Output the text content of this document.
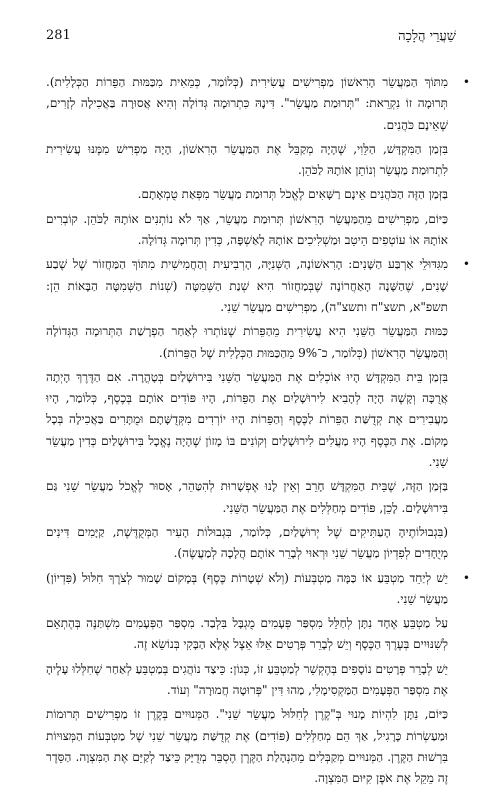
281	שַׁעֲרֵי הֲלָכָה

•
מִתּוֹךְ הַמַּעֲשֵׂר הָרִאשׁוֹן מַפְרִישִׁים עֲשִׂירִית (כְּלוֹמַר, כְּמֵאִית מִכַּמּוּת הַפֵּרוֹת הַכְּלָלִית). תְּרוּמָה זוֹ נִקְרֵאת: "תְּרוּמַת מַעֲשֵׂר". דִּינָהּ כִּתְרוּמָה גְּדוֹלָה וְהִיא אֲסוּרָה בַּאֲכִילָה לְזָרִים, שֶׁאֵינָם כֹּהֲנִים.

בִּזְמַן הַמִּקְדָּשׁ, הַלֵּוִי, שֶׁהָיָה מְקַבֵּל אֶת הַמַּעֲשֵׂר הָרִאשׁוֹן, הָיָה מַפְרִישׁ מִמֶּנּוּ עֲשִׂירִית לִתְרוּמַת מַעֲשֵׂר וְנוֹתֵן אוֹתָהּ לַכֹּהֵן.

בַּזְּמַן הַזֶּה הַכֹּהֲנִים אֵינָם רַשָּׁאִים לֶאֱכֹל תְּרוּמַת מַעֲשֵׂר מִפְּאַת טֻמְאָתָם.

כַּיּוֹם, מַפְרִישִׁים מֵהַמַּעֲשֵׂר הָרִאשׁוֹן תְּרוּמַת מַעֲשֵׂר, אַךְ לֹא נוֹתְנִים אוֹתָהּ לַכֹּהֵן. קוֹבְרִים אוֹתָהּ אוֹ עוֹטְפִים הֵיטֵב וּמַשְׁלִיכִים אוֹתָהּ לָאַשְׁפָּה, כְּדִין תְּרוּמָה גְּדוֹלָה.

•
מִגִּדּוּלֵי אַרְבַּע הַשָּׁנִים: הָרִאשׁוֹנָה, הַשְּׁנִיָּה, הָרְבִיעִית וְהַחֲמִישִׁית מִתּוֹךְ הַמַּחֲזוֹר שֶׁל שֶׁבַע שָׁנִים, שֶׁהַשָּׁנָה הָאַחֲרוֹנָה שֶׁבְּמַחֲזוֹר הִיא שְׁנַת הַשְּׁמִטָּה (שְׁנוֹת הַשְּׁמִטָּה הַבָּאוֹת הֵן: תשפ"א, תשצ"ח ותשצ"ה), מַפְרִישִׁים מַעֲשֵׂר שֵׁנִי.

כַּמּוּת הַמַּעֲשֵׂר הַשֵּׁנִי הִיא עֲשִׂירִית מֵהַפֵּרוֹת שֶׁנּוֹתְרוּ לְאַחַר הַפְרָשַׁת הַתְּרוּמָה הַגְּדוֹלָה וְהַמַּעֲשֵׂר הָרִאשׁוֹן (כְּלוֹמַר, כ־9% מֵהַכַּמּוּת הַכְּלָלִית שֶׁל הַפֵּרוֹת).

בִּזְמַן בֵּית הַמִּקְדָּשׁ הָיוּ אוֹכְלִים אֶת הַמַּעֲשֵׂר הַשֵּׁנִי בִּירוּשָׁלַיִם בְּטָהֳרָה. אִם הַדֶּרֶךְ הָיְתָה אֲרֻכָּה וְקָשֶׁה הָיָה לְהָבִיא לִירוּשָׁלַיִם אֶת הַפֵּרוֹת, הָיוּ פּוֹדִים אוֹתָם בְּכֶסֶף, כְּלוֹמַר, הָיוּ מַעֲבִירִים אֶת קְדֻשַּׁת הַפֵּרוֹת לַכֶּסֶף וְהַפֵּרוֹת הָיוּ יוֹרְדִים מִקְּדֻשָּׁתָם וּמֻתָּרִים בַּאֲכִילָה בְּכָל מָקוֹם. אֶת הַכֶּסֶף הָיוּ מַעֲלִים לִירוּשָׁלַיִם וְקוֹנִים בּוֹ מָזוֹן שֶׁהָיָה נֶאֱכָל בִּירוּשָׁלַיִם כְּדִין מַעֲשֵׂר שֵׁנִי.

בַּזְּמַן הַזֶּה, שֶׁבֵּית הַמִּקְדָּשׁ חָרֵב וְאֵין לָנוּ אֶפְשָׁרוּת לְהִטַּהֵר, אָסוּר לֶאֱכֹל מַעֲשֵׂר שֵׁנִי גַּם בִּירוּשָׁלַיִם. לָכֵן, פּוֹדִים מְחַלְּלִים אֶת הַמַּעֲשֵׂר הַשֵּׁנִי.

(בִּגְבוּלוֹתֶיהָ הָעַתִּיקִים שֶׁל יְרוּשָׁלַיִם, כְּלוֹמַר, בִּגְבוּלוֹת הָעִיר הַמְּקֻדֶּשֶׁת, קַיָּמִים דִּינִים מְיֻחָדִים לְפִדְיוֹן מַעֲשֵׂר שֵׁנִי וּרְאוּי לְבָרֵר אוֹתָם הֲלָכָה לְמַעֲשֶׂה).

•
יֵשׁ לְיַחֵד מַטְבֵּעַ אוֹ כַּמָּה מַטְבְּעוֹת (וְלֹא שְׁטָרוֹת כֶּסֶף) בְּמָקוֹם שָׁמוּר לְצֹרֶךְ חִלּוּל (פִּדְיוֹן) מַעֲשֵׂר שֵׁנִי.

עַל מַטְבֵּעַ אֶחָד נִתָּן לְחַלֵּל מִסְפַּר פְּעָמִים מֻגְבָּל בִּלְבַד. מִסְפַּר הַפְּעָמִים מִשְׁתַּנֶּה בְּהֶתְאֵם לְשִׁנּוּיִים בְּעֶרֶךְ הַכֶּסֶף וְיֵשׁ לְבָרֵר פְּרָטִים אֵלּוּ אֵצֶל אֶלָּא הַבָּקִי בְּנוֹשֵׂא זֶה.

יֵשׁ לְבָרֵר פְּרָטִים נוֹסָפִים בְּהֶקְשֵׁר לְמַטְבֵּעַ זוֹ, כְּגוֹן: כֵּיצַד נוֹהֲגִים בְּמַטְבֵּעַ לְאַחַר שֶׁחִלְּלוּ עָלֶיהָ אֶת מִסְפַּר הַפְּעָמִים הַמַּקְסִימָלִי, מַהוּ דִּין "פְּרוּטָה חֲמוּרָה" וְעוֹד.

כַּיּוֹם, נִתָּן לִהְיוֹת מָנוּי בְּ"קֶרֶן לְחִלּוּל מַעֲשֵׂר שֵׁנִי". הַמְּנוּיִים בְּקֶרֶן זוֹ מַפְרִישִׁים תְּרוּמוֹת וּמַעַשְׂרוֹת כָּרָגִיל, אַךְ הֵם מְחַלְּלִים (פּוֹדִים) אֶת קְדֻשַּׁת מַעֲשֵׂר שֵׁנִי שֶׁל מַטְבְּעוֹת הַמְּצוּיוֹת בִּרְשׁוּת הַקֶּרֶן. הַמְּנוּיִים מְקַבְּלִים מֵהַנְהָלַת הַקֶּרֶן הֶסְבֵּר מְדֻיָּק כֵּיצַד לְקַיֵּם אֶת הַמִּצְוָה. הַסֵּדֶר זֶה מֵקֵל אֶת אֹפֶן קִיּוּם הַמִּצְוָה.
